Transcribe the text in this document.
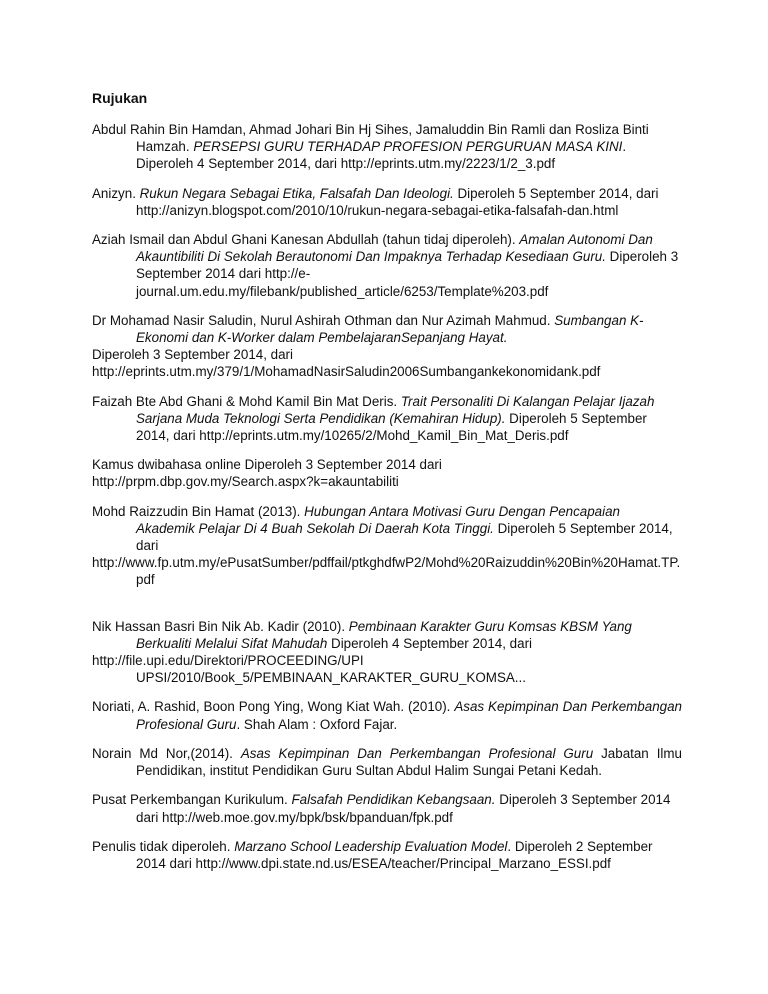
Rujukan

Abdul Rahin Bin Hamdan, Ahmad Johari Bin Hj Sihes, Jamaluddin Bin Ramli dan Rosliza Binti Hamzah. PERSEPSI GURU TERHADAP PROFESION PERGURUAN MASA KINI. Diperoleh 4 September 2014, dari http://eprints.utm.my/2223/1/2_3.pdf

Anizyn. Rukun Negara Sebagai Etika, Falsafah Dan Ideologi. Diperoleh 5 September 2014, dari http://anizyn.blogspot.com/2010/10/rukun-negara-sebagai-etika-falsafah-dan.html

Aziah Ismail dan Abdul Ghani Kanesan Abdullah (tahun tidaj diperoleh). Amalan Autonomi Dan Akauntibiliti Di Sekolah Berautonomi Dan Impaknya Terhadap Kesediaan Guru. Diperoleh 3 September 2014 dari http://e-journal.um.edu.my/filebank/published_article/6253/Template%203.pdf

Dr Mohamad Nasir Saludin, Nurul Ashirah Othman dan Nur Azimah Mahmud. Sumbangan K-Ekonomi dan K-Worker dalam PembelajaranSepanjang Hayat.
Diperoleh 3 September 2014, dari
http://eprints.utm.my/379/1/MohamadNasirSaludin2006Sumbangankekonomidank.pdf

Faizah Bte Abd Ghani & Mohd Kamil Bin Mat Deris. Trait Personaliti Di Kalangan Pelajar Ijazah Sarjana Muda Teknologi Serta Pendidikan (Kemahiran Hidup). Diperoleh 5 September 2014, dari http://eprints.utm.my/10265/2/Mohd_Kamil_Bin_Mat_Deris.pdf

Kamus dwibahasa online Diperoleh 3 September 2014 dari
http://prpm.dbp.gov.my/Search.aspx?k=akauntabiliti

Mohd Raizzudin Bin Hamat (2013). Hubungan Antara Motivasi Guru Dengan Pencapaian Akademik Pelajar Di 4 Buah Sekolah Di Daerah Kota Tinggi. Diperoleh 5 September 2014, dari
http://www.fp.utm.my/ePusatSumber/pdffail/ptkghdfwP2/Mohd%20Raizuddin%20Bin%20Hamat.TP.pdf

Nik Hassan Basri Bin Nik Ab. Kadir (2010). Pembinaan Karakter Guru Komsas KBSM Yang Berkualiti Melalui Sifat Mahudah Diperoleh 4 September 2014, dari
http://file.upi.edu/Direktori/PROCEEDING/UPI UPSI/2010/Book_5/PEMBINAAN_KARAKTER_GURU_KOMSA...

Noriati, A. Rashid, Boon Pong Ying, Wong Kiat Wah. (2010). Asas Kepimpinan Dan Perkembangan Profesional Guru. Shah Alam : Oxford Fajar.

Norain Md Nor,(2014). Asas Kepimpinan Dan Perkembangan Profesional Guru Jabatan Ilmu Pendidikan, institut Pendidikan Guru Sultan Abdul Halim Sungai Petani Kedah.

Pusat Perkembangan Kurikulum. Falsafah Pendidikan Kebangsaan. Diperoleh 3 September 2014 dari http://web.moe.gov.my/bpk/bsk/bpanduan/fpk.pdf

Penulis tidak diperoleh. Marzano School Leadership Evaluation Model. Diperoleh 2 September 2014 dari http://www.dpi.state.nd.us/ESEA/teacher/Principal_Marzano_ESSI.pdf
